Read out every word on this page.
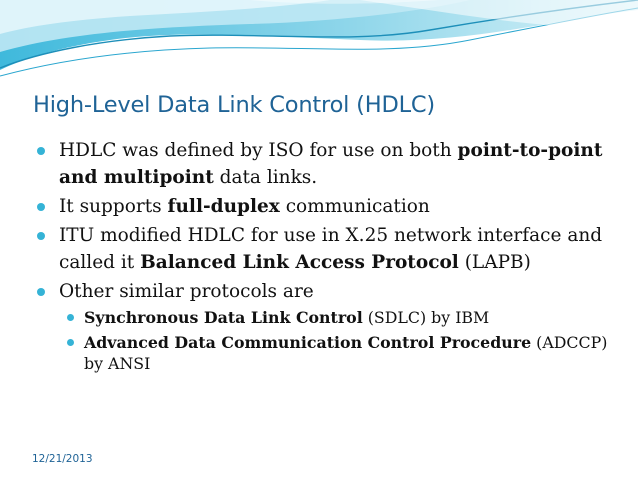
High-Level Data Link Control (HDLC)
HDLC was defined by ISO for use on both point-to-point and multipoint data links.
It supports full-duplex communication
ITU modified HDLC for use in X.25 network interface and called it Balanced Link Access Protocol (LAPB)
Other similar protocols are
Synchronous Data Link Control (SDLC) by IBM
Advanced Data Communication Control Procedure (ADCCP) by ANSI
12/21/2013
